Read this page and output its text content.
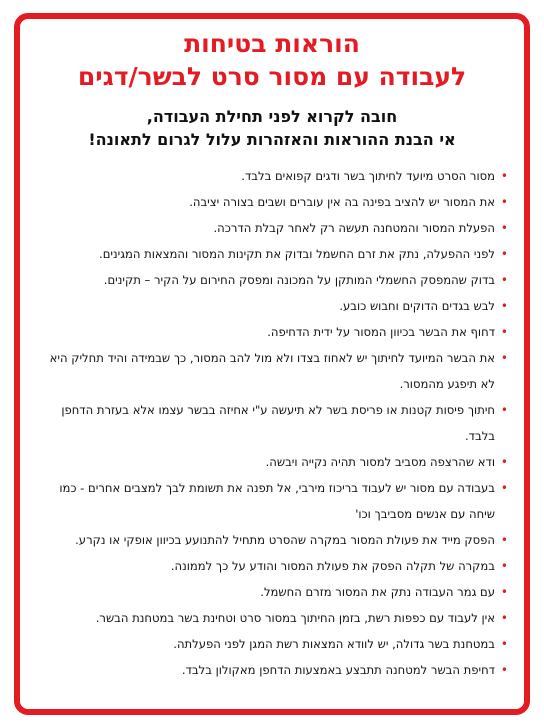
הוראות בטיחות
לעבודה עם מסור סרט לבשר/דגים
חובה לקרוא לפני תחילת העבודה,
אי הבנת ההוראות והאזהרות עלול לגרום לתאונה!
•
מסור הסרט מיועד לחיתוך בשר ודגים קפואים בלבד.
•
את המסור יש להציב בפינה בה אין עוברים ושבים בצורה יציבה.
•
הפעלת המסור והמטחנה תעשה רק לאחר קבלת הדרכה.
•
לפני ההפעלה, נתק את זרם החשמל ובדוק את תקינות המסור והמצאות המגינים.
•
בדוק שהמפסק החשמלי המותקן על המכונה ומפסק החירום על הקיר – תקינים.
•
לבש בגדים הדוקים וחבוש כובע.
•
דחוף את הבשר בכיוון המסור על ידית הדחיפה.
•
את הבשר המיועד לחיתוך יש לאחוז בצדו ולא מול להב המסור, כך שבמידה והיד תחליק היא לא תיפגע מהמסור.
•
חיתוך פיסות קטנות או פריסת בשר לא תיעשה ע"י אחיזה בבשר עצמו אלא בעזרת הדחפן בלבד.
•
ודא שהרצפה מסביב למסור תהיה נקייה ויבשה.
•
בעבודה עם מסור יש לעבוד בריכוז מירבי, אל תפנה את תשומת לבך למצבים אחרים - כמו שיחה עם אנשים מסביבך וכו'
•
הפסק מייד את פעולת המסור במקרה שהסרט מתחיל להתנועע בכיוון אופקי או נקרע.
•
במקרה של תקלה הפסק את פעולת המסור והודע על כך לממונה.
•
עם גמר העבודה נתק את המסור מזרם החשמל.
•
אין לעבוד עם כפפות רשת, בזמן החיתוך במסור סרט וטחינת בשר במטחנת הבשר.
•
במטחנת בשר גדולה, יש לוודא המצאות רשת המגן לפני הפעלתה.
•
דחיפת הבשר למטחנה תתבצע באמצעות הדחפן מאקולון בלבד.
